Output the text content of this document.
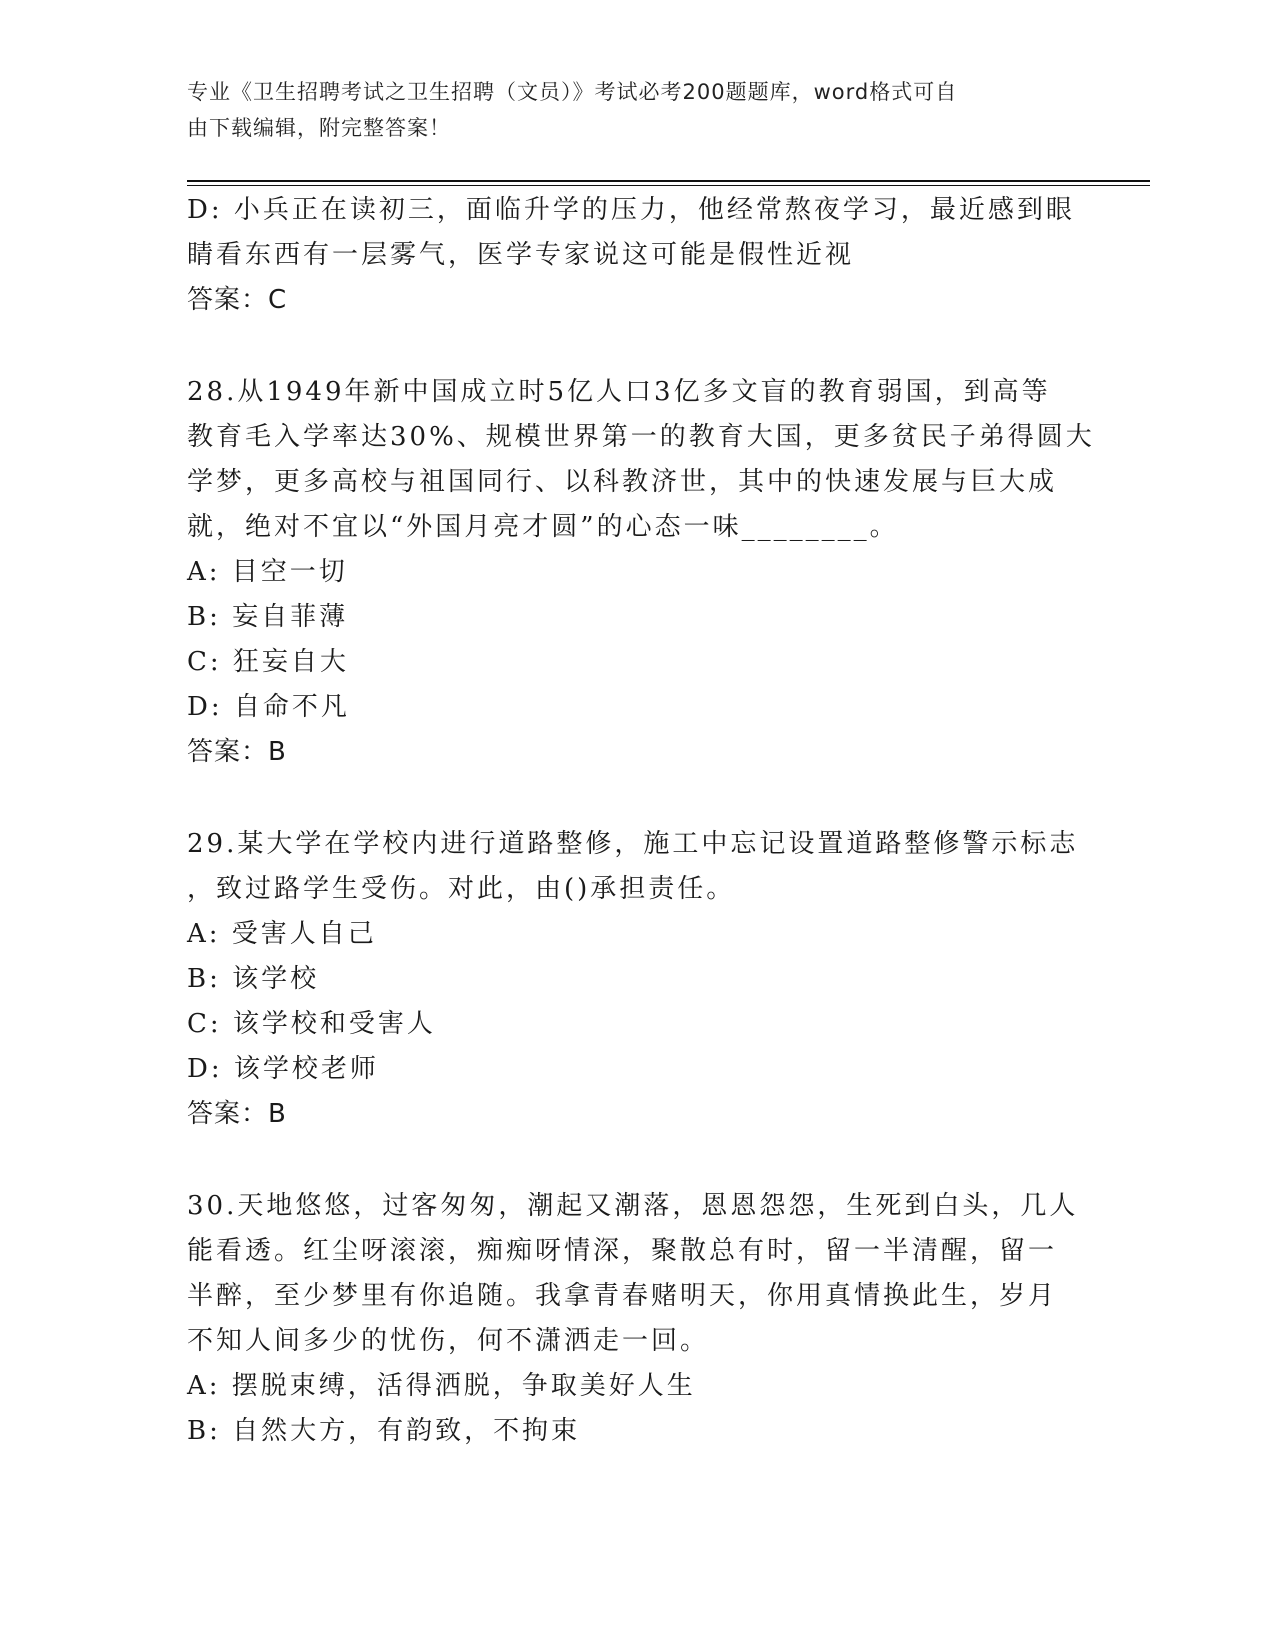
专业《卫生招聘考试之卫生招聘（文员）》考试必考200题题库，word格式可自
由下载编辑，附完整答案！
D: 小兵正在读初三，面临升学的压力，他经常熬夜学习，最近感到眼
睛看东西有一层雾气，医学专家说这可能是假性近视
答案：C
28.从1949年新中国成立时5亿人口3亿多文盲的教育弱国，到高等
教育毛入学率达30%、规模世界第一的教育大国，更多贫民子弟得圆大
学梦，更多高校与祖国同行、以科教济世，其中的快速发展与巨大成
就，绝对不宜以“外国月亮才圆”的心态一味________。
A: 目空一切
B: 妄自菲薄
C: 狂妄自大
D: 自命不凡
答案：B
29.某大学在学校内进行道路整修，施工中忘记设置道路整修警示标志
，致过路学生受伤。对此，由()承担责任。
A: 受害人自己
B: 该学校
C: 该学校和受害人
D: 该学校老师
答案：B
30.天地悠悠，过客匆匆，潮起又潮落，恩恩怨怨，生死到白头，几人
能看透。红尘呀滚滚，痴痴呀情深，聚散总有时，留一半清醒，留一
半醉，至少梦里有你追随。我拿青春赌明天，你用真情换此生，岁月
不知人间多少的忧伤，何不潇洒走一回。
A: 摆脱束缚，活得洒脱，争取美好人生
B: 自然大方，有韵致，不拘束
